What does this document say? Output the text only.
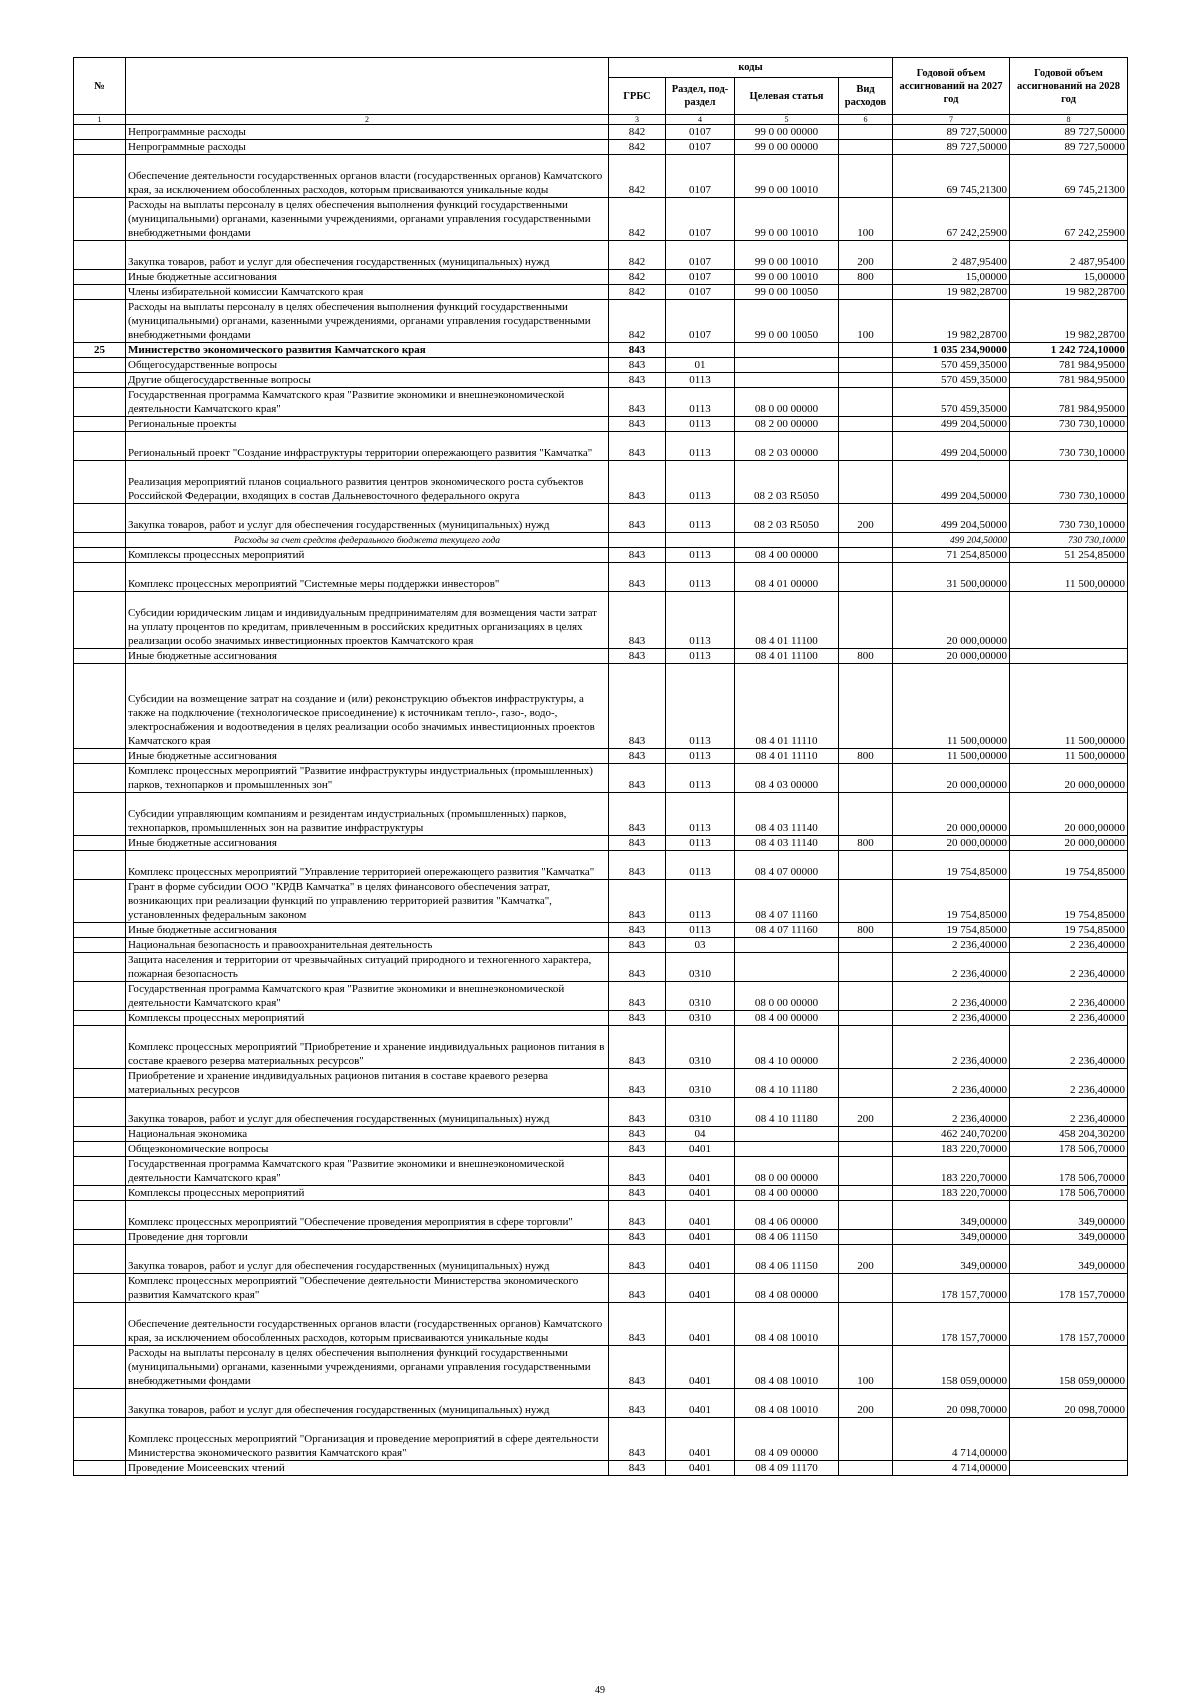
№		коды				Годовой объем ассигнований на 2027 год	Годовой объем ассигнований на 2028 год
		ГРБС	Раздел, под-раздел	Целевая статья	Вид расходов		
1	2	3	4	5	6	7	8
	Непрограммные расходы	842	0107	99 0 00 00000		89 727,50000	89 727,50000
	Непрограммные расходы	842	0107	99 0 00 00000		89 727,50000	89 727,50000
	Обеспечение деятельности государственных органов власти (государственных органов) Камчатского края, за исключением обособленных расходов, которым присваиваются уникальные коды	842	0107	99 0 00 10010		69 745,21300	69 745,21300
	Расходы на выплаты персоналу в целях обеспечения выполнения функций государственными (муниципальными) органами, казенными учреждениями, органами управления государственными внебюджетными фондами	842	0107	99 0 00 10010	100	67 242,25900	67 242,25900
	Закупка товаров, работ и услуг для обеспечения государственных (муниципальных) нужд	842	0107	99 0 00 10010	200	2 487,95400	2 487,95400
	Иные бюджетные ассигнования	842	0107	99 0 00 10010	800	15,00000	15,00000
	Члены избирательной комиссии Камчатского края	842	0107	99 0 00 10050		19 982,28700	19 982,28700
	Расходы на выплаты персоналу в целях обеспечения выполнения функций государственными (муниципальными) органами, казенными учреждениями, органами управления государственными внебюджетными фондами	842	0107	99 0 00 10050	100	19 982,28700	19 982,28700
25	Министерство экономического развития Камчатского края	843				1 035 234,90000	1 242 724,10000
	Общегосударственные вопросы	843	01			570 459,35000	781 984,95000
	Другие общегосударственные вопросы	843	0113			570 459,35000	781 984,95000
	Государственная программа Камчатского края "Развитие экономики и внешнеэкономической деятельности Камчатского края"	843	0113	08 0 00 00000		570 459,35000	781 984,95000
	Региональные проекты	843	0113	08 2 00 00000		499 204,50000	730 730,10000
	Региональный проект "Создание инфраструктуры территории опережающего развития "Камчатка"	843	0113	08 2 03 00000		499 204,50000	730 730,10000
	Реализация мероприятий планов социального развития центров экономического роста субъектов Российской Федерации, входящих в состав Дальневосточного федерального округа	843	0113	08 2 03 R5050		499 204,50000	730 730,10000
	Закупка товаров, работ и услуг для обеспечения государственных (муниципальных) нужд	843	0113	08 2 03 R5050	200	499 204,50000	730 730,10000
	Расходы за счет средств федерального бюджета текущего года					499 204,50000	730 730,10000
	Комплексы процессных мероприятий	843	0113	08 4 00 00000		71 254,85000	51 254,85000
	Комплекс процессных мероприятий "Системные меры поддержки инвесторов"	843	0113	08 4 01 00000		31 500,00000	11 500,00000
	Субсидии юридическим лицам и индивидуальным предпринимателям для возмещения части затрат на уплату процентов по кредитам, привлеченным в российских кредитных организациях в целях реализации особо значимых инвестиционных проектов Камчатского края	843	0113	08 4 01 11100		20 000,00000	
	Иные бюджетные ассигнования	843	0113	08 4 01 11100	800	20 000,00000	
	Субсидии на возмещение затрат на создание и (или) реконструкцию объектов инфраструктуры, а также на подключение (технологическое присоединение) к источникам тепло-, газо-, водо-, электроснабжения и водоотведения в целях реализации особо значимых инвестиционных проектов Камчатского края	843	0113	08 4 01 11110		11 500,00000	11 500,00000
	Иные бюджетные ассигнования	843	0113	08 4 01 11110	800	11 500,00000	11 500,00000
	Комплекс процессных мероприятий "Развитие инфраструктуры индустриальных (промышленных) парков, технопарков и промышленных зон"	843	0113	08 4 03 00000		20 000,00000	20 000,00000
	Субсидии управляющим компаниям и резидентам индустриальных (промышленных) парков, технопарков, промышленных зон на развитие инфраструктуры	843	0113	08 4 03 11140		20 000,00000	20 000,00000
	Иные бюджетные ассигнования	843	0113	08 4 03 11140	800	20 000,00000	20 000,00000
	Комплекс процессных мероприятий "Управление территорией опережающего развития "Камчатка"	843	0113	08 4 07 00000		19 754,85000	19 754,85000
	Грант в форме субсидии ООО "КРДВ Камчатка" в целях финансового обеспечения затрат, возникающих при реализации функций по управлению территорией развития "Камчатка", установленных федеральным законом	843	0113	08 4 07 11160		19 754,85000	19 754,85000
	Иные бюджетные ассигнования	843	0113	08 4 07 11160	800	19 754,85000	19 754,85000
	Национальная безопасность и правоохранительная деятельность	843	03			2 236,40000	2 236,40000
	Защита населения и территории от чрезвычайных ситуаций природного и техногенного характера, пожарная безопасность	843	0310			2 236,40000	2 236,40000
	Государственная программа Камчатского края "Развитие экономики и внешнеэкономической деятельности Камчатского края"	843	0310	08 0 00 00000		2 236,40000	2 236,40000
	Комплексы процессных мероприятий	843	0310	08 4 00 00000		2 236,40000	2 236,40000
	Комплекс процессных мероприятий "Приобретение и хранение индивидуальных рационов питания в составе краевого резерва материальных ресурсов"	843	0310	08 4 10 00000		2 236,40000	2 236,40000
	Приобретение и хранение индивидуальных рационов питания в составе краевого резерва материальных ресурсов	843	0310	08 4 10 11180		2 236,40000	2 236,40000
	Закупка товаров, работ и услуг для обеспечения государственных (муниципальных) нужд	843	0310	08 4 10 11180	200	2 236,40000	2 236,40000
	Национальная экономика	843	04			462 240,70200	458 204,30200
	Общеэкономические вопросы	843	0401			183 220,70000	178 506,70000
	Государственная программа Камчатского края "Развитие экономики и внешнеэкономической деятельности Камчатского края"	843	0401	08 0 00 00000		183 220,70000	178 506,70000
	Комплексы процессных мероприятий	843	0401	08 4 00 00000		183 220,70000	178 506,70000
	Комплекс процессных мероприятий "Обеспечение проведения мероприятия в сфере торговли"	843	0401	08 4 06 00000		349,00000	349,00000
	Проведение дня торговли	843	0401	08 4 06 11150		349,00000	349,00000
	Закупка товаров, работ и услуг для обеспечения государственных (муниципальных) нужд	843	0401	08 4 06 11150	200	349,00000	349,00000
	Комплекс процессных мероприятий "Обеспечение деятельности Министерства экономического развития Камчатского края"	843	0401	08 4 08 00000		178 157,70000	178 157,70000
	Обеспечение деятельности государственных органов власти (государственных органов) Камчатского края, за исключением обособленных расходов, которым присваиваются уникальные коды	843	0401	08 4 08 10010		178 157,70000	178 157,70000
	Расходы на выплаты персоналу в целях обеспечения выполнения функций государственными (муниципальными) органами, казенными учреждениями, органами управления государственными внебюджетными фондами	843	0401	08 4 08 10010	100	158 059,00000	158 059,00000
	Закупка товаров, работ и услуг для обеспечения государственных (муниципальных) нужд	843	0401	08 4 08 10010	200	20 098,70000	20 098,70000
	Комплекс процессных мероприятий "Организация и проведение мероприятий в сфере деятельности Министерства экономического развития Камчатского края"	843	0401	08 4 09 00000		4 714,00000	
	Проведение Моисеевских чтений	843	0401	08 4 09 11170		4 714,00000	
49
